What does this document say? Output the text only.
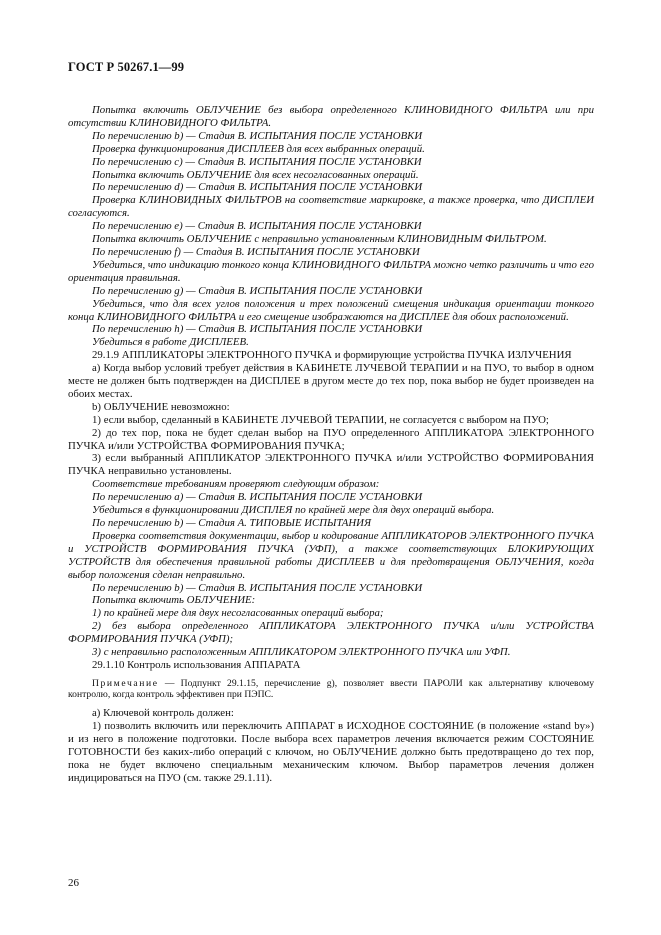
ГОСТ Р 50267.1—99

Попытка включить ОБЛУЧЕНИЕ без выбора определенного КЛИНОВИДНОГО ФИЛЬТРА или при отсутствии КЛИНОВИДНОГО ФИЛЬТРА.

По перечислению b) — Стадия В. ИСПЫТАНИЯ ПОСЛЕ УСТАНОВКИ

Проверка функционирования ДИСПЛЕЕВ для всех выбранных операций.

По перечислению c) — Стадия В. ИСПЫТАНИЯ ПОСЛЕ УСТАНОВКИ

Попытка включить ОБЛУЧЕНИЕ для всех несогласованных операций.

По перечислению d) — Стадия В. ИСПЫТАНИЯ ПОСЛЕ УСТАНОВКИ

Проверка КЛИНОВИДНЫХ ФИЛЬТРОВ на соответствие маркировке, а также проверка, что ДИСПЛЕИ согласуются.

По перечислению e) — Стадия В. ИСПЫТАНИЯ ПОСЛЕ УСТАНОВКИ

Попытка включить ОБЛУЧЕНИЕ с неправильно установленным КЛИНОВИДНЫМ ФИЛЬТРОМ.

По перечислению f) — Стадия В. ИСПЫТАНИЯ ПОСЛЕ УСТАНОВКИ

Убедиться, что индикацию тонкого конца КЛИНОВИДНОГО ФИЛЬТРА можно четко различить и что его ориентация правильная.

По перечислению g) — Стадия В. ИСПЫТАНИЯ ПОСЛЕ УСТАНОВКИ

Убедиться, что для всех углов положения и трех положений смещения индикация ориентации тонкого конца КЛИНОВИДНОГО ФИЛЬТРА и его смещение изображаются на ДИСПЛЕЕ для обоих расположений.

По перечислению h) — Стадия В. ИСПЫТАНИЯ ПОСЛЕ УСТАНОВКИ

Убедиться в работе ДИСПЛЕЕВ.

29.1.9 АППЛИКАТОРЫ ЭЛЕКТРОННОГО ПУЧКА и формирующие устройства ПУЧКА ИЗЛУЧЕНИЯ

a) Когда выбор условий требует действия в КАБИНЕТЕ ЛУЧЕВОЙ ТЕРАПИИ и на ПУО, то выбор в одном месте не должен быть подтвержден на ДИСПЛЕЕ в другом месте до тех пор, пока выбор не будет произведен на обоих местах.

b) ОБЛУЧЕНИЕ невозможно:

1) если выбор, сделанный в КАБИНЕТЕ ЛУЧЕВОЙ ТЕРАПИИ, не согласуется с выбором на ПУО;

2) до тех пор, пока не будет сделан выбор на ПУО определенного АППЛИКАТОРА ЭЛЕКТРОННОГО ПУЧКА и/или УСТРОЙСТВА ФОРМИРОВАНИЯ ПУЧКА;

3) если выбранный АППЛИКАТОР ЭЛЕКТРОННОГО ПУЧКА и/или УСТРОЙСТВО ФОРМИРОВАНИЯ ПУЧКА неправильно установлены.

Соответствие требованиям проверяют следующим образом:

По перечислению a) — Стадия В. ИСПЫТАНИЯ ПОСЛЕ УСТАНОВКИ

Убедиться в функционировании ДИСПЛЕЯ по крайней мере для двух операций выбора.

По перечислению b) — Стадия А. ТИПОВЫЕ ИСПЫТАНИЯ

Проверка соответствия документации, выбор и кодирование АППЛИКАТОРОВ ЭЛЕКТРОННОГО ПУЧКА и УСТРОЙСТВ ФОРМИРОВАНИЯ ПУЧКА (УФП), а также соответствующих БЛОКИРУЮЩИХ УСТРОЙСТВ для обеспечения правильной работы ДИСПЛЕЕВ и для предотвращения ОБЛУЧЕНИЯ, когда выбор положения сделан неправильно.

По перечислению b) — Стадия В. ИСПЫТАНИЯ ПОСЛЕ УСТАНОВКИ

Попытка включить ОБЛУЧЕНИЕ:

1) по крайней мере для двух несогласованных операций выбора;

2) без выбора определенного АППЛИКАТОРА ЭЛЕКТРОННОГО ПУЧКА и/или УСТРОЙСТВА ФОРМИРОВАНИЯ ПУЧКА (УФП);

3) с неправильно расположенным АППЛИКАТОРОМ ЭЛЕКТРОННОГО ПУЧКА или УФП.

29.1.10 Контроль использования АППАРАТА

Примечание — Подпункт 29.1.15, перечисление g), позволяет ввести ПАРОЛИ как альтернативу ключевому контролю, когда контроль эффективен при ПЭПС.

a) Ключевой контроль должен:

1) позволить включить или переключить АППАРАТ в ИСХОДНОЕ СОСТОЯНИЕ (в положение «stand by») и из него в положение подготовки. После выбора всех параметров лечения включается режим СОСТОЯНИЕ ГОТОВНОСТИ без каких-либо операций с ключом, но ОБЛУЧЕНИЕ должно быть предотвращено до тех пор, пока не будет включено специальным механическим ключом. Выбор параметров лечения должен индицироваться на ПУО (см. также 29.1.11).

26
